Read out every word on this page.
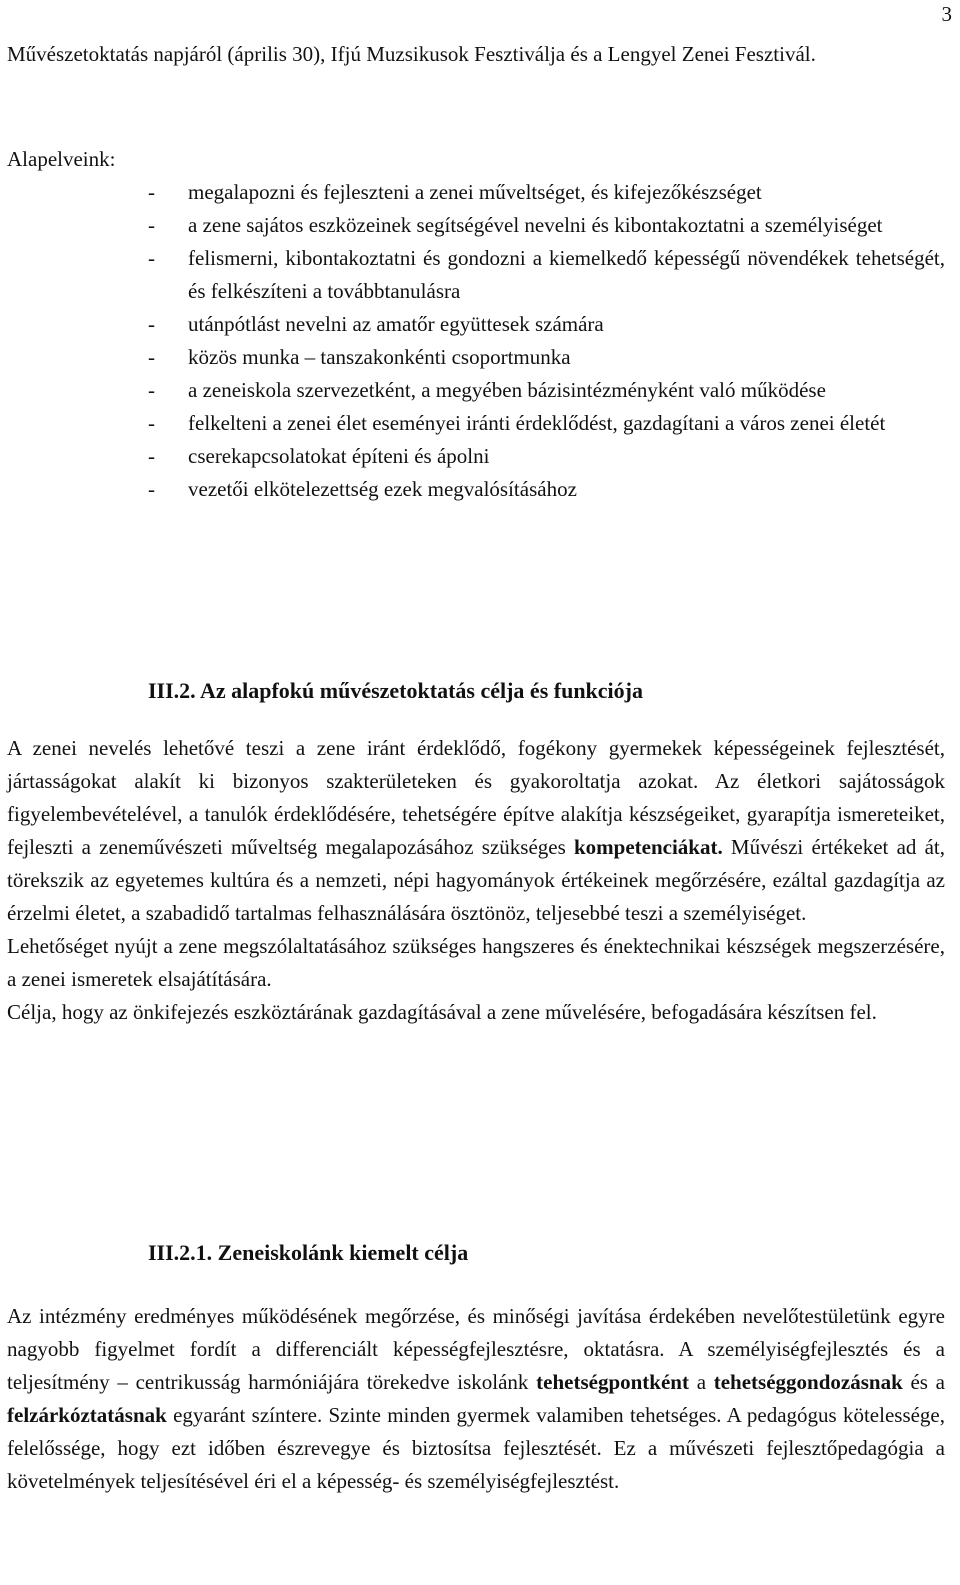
3

Művészetoktatás napjáról (április 30), Ifjú Muzsikusok Fesztiválja és a Lengyel Zenei Fesztivál.

Alapelveink:
- megalapozni és fejleszteni a zenei műveltséget, és kifejezőkészséget
- a zene sajátos eszközeinek segítségével nevelni és kibontakoztatni a személyiséget
- felismerni, kibontakoztatni és gondozni a kiemelkedő képességű növendékek tehetségét, és felkészíteni a továbbtanulásra
- utánpótlást nevelni az amatőr együttesek számára
- közös munka – tanszakonkénti csoportmunka
- a zeneiskola szervezetként, a megyében bázisintézményként való működése
- felkelteni a zenei élet eseményei iránti érdeklődést, gazdagítani a város zenei életét
- cserekapcsolatokat építeni és ápolni
- vezetői elkötelezettség ezek megvalósításához
III.2. Az alapfokú művészetoktatás célja és funkciója

A zenei nevelés lehetővé teszi a zene iránt érdeklődő, fogékony gyermekek képességeinek fejlesztését, jártasságokat alakít ki bizonyos szakterületeken és gyakoroltatja azokat. Az életkori sajátosságok figyelembevételével, a tanulók érdeklődésére, tehetségére építve alakítja készségeiket, gyarapítja ismereteiket, fejleszti a zeneművészeti műveltség megalapozásához szükséges kompetenciákat. Művészi értékeket ad át, törekszik az egyetemes kultúra és a nemzeti, népi hagyományok értékeinek megőrzésére, ezáltal gazdagítja az érzelmi életet, a szabadidő tartalmas felhasználására ösztönöz, teljesebbé teszi a személyiséget.

Lehetőséget nyújt a zene megszólaltatásához szükséges hangszeres és énektechnikai készségek megszerzésére, a zenei ismeretek elsajátítására.

Célja, hogy az önkifejezés eszköztárának gazdagításával a zene művelésére, befogadására készítsen fel.

III.2.1. Zeneiskolánk kiemelt célja

Az intézmény eredményes működésének megőrzése, és minőségi javítása érdekében nevelőtestületünk egyre nagyobb figyelmet fordít a differenciált képességfejlesztésre, oktatásra. A személyiségfejlesztés és a teljesítmény – centrikusság harmóniájára törekedve iskolánk tehetségpontként a tehetséggondozásnak és a felzárkóztatásnak egyaránt színtere. Szinte minden gyermek valamiben tehetséges. A pedagógus kötelessége, felelőssége, hogy ezt időben észrevegye és biztosítsa fejlesztését. Ez a művészeti fejlesztőpedagógia a követelmények teljesítésével éri el a képesség- és személyiségfejlesztést.
